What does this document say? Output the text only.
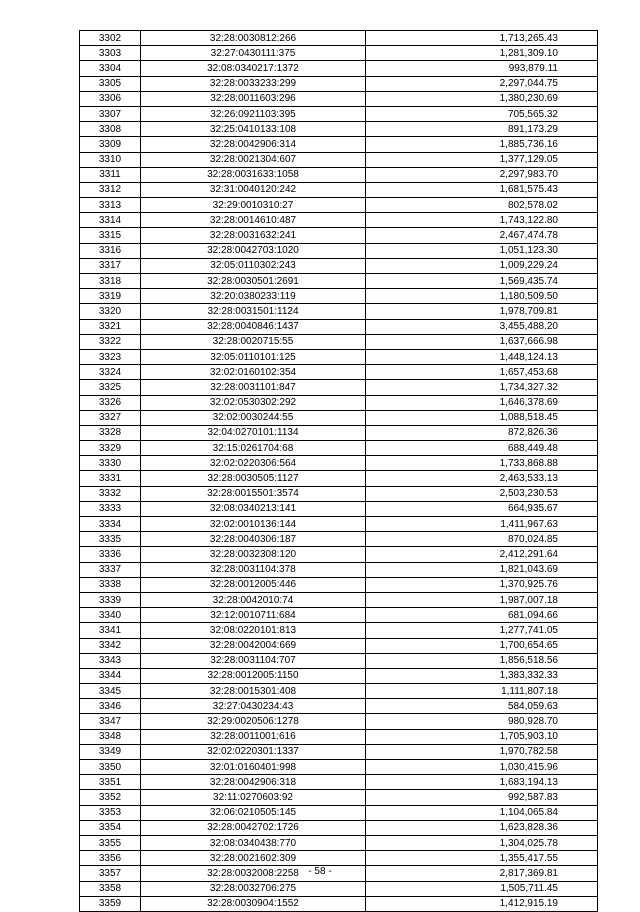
3302	32:28:0030812:266	1,713,265.43
3303	32:27:0430111:375	1,281,309.10
3304	32:08:0340217:1372	993,879.11
3305	32:28:0033233:299	2,297,044.75
3306	32:28:0011603:296	1,380,230.69
3307	32:26:0921103:395	705,565.32
3308	32:25:0410133:108	891,173.29
3309	32:28:0042906:314	1,885,736.16
3310	32:28:0021304:607	1,377,129.05
3311	32:28:0031633:1058	2,297,983.70
3312	32:31:0040120:242	1,681,575.43
3313	32:29:0010310:27	802,578.02
3314	32:28:0014610:487	1,743,122.80
3315	32:28:0031632:241	2,467,474.78
3316	32:28:0042703:1020	1,051,123.30
3317	32:05:0110302:243	1,009,229.24
3318	32:28:0030501:2691	1,569,435.74
3319	32:20:0380233:119	1,180,509.50
3320	32:28:0031501:1124	1,978,709.81
3321	32:28:0040846:1437	3,455,488.20
3322	32:28:0020715:55	1,637,666.98
3323	32:05:0110101:125	1,448,124.13
3324	32:02:0160102:354	1,657,453.68
3325	32:28:0031101:847	1,734,327.32
3326	32:02:0530302:292	1,646,378.69
3327	32:02:0030244:55	1,088,518.45
3328	32:04:0270101:1134	872,826.36
3329	32:15:0261704:68	688,449.48
3330	32:02:0220306:564	1,733,868.88
3331	32:28:0030505:1127	2,463,533.13
3332	32:28:0015501:3574	2,503,230.53
3333	32:08:0340213:141	664,935.67
3334	32:02:0010136:144	1,411,967.63
3335	32:28:0040306:187	870,024.85
3336	32:28:0032308:120	2,412,291.64
3337	32:28:0031104:378	1,821,043.69
3338	32:28:0012005:446	1,370,925.76
3339	32:28:0042010:74	1,987,007.18
3340	32:12:0010711:684	681,094.66
3341	32:08:0220101:813	1,277,741.05
3342	32:28:0042004:669	1,700,654.65
3343	32:28:0031104:707	1,856,518.56
3344	32:28:0012005:1150	1,383,332.33
3345	32:28:0015301:408	1,111,807.18
3346	32:27:0430234:43	584,059.63
3347	32:29:0020506:1278	980,928.70
3348	32:28:0011001:616	1,705,903.10
3349	32:02:0220301:1337	1,970,782.58
3350	32:01:0160401:998	1,030,415.96
3351	32:28:0042906:318	1,683,194.13
3352	32:11:0270603:92	992,587.83
3353	32:06:0210505:145	1,104,065.84
3354	32:28:0042702:1726	1,623,828.36
3355	32:08:0340438:770	1,304,025.78
3356	32:28:0021602:309	1,355,417.55
3357	32:28:0032008:2258	2,817,369.81
3358	32:28:0032706:275	1,505,711.45
3359	32:28:0030904:1552	1,412,915.19
- 58 -
